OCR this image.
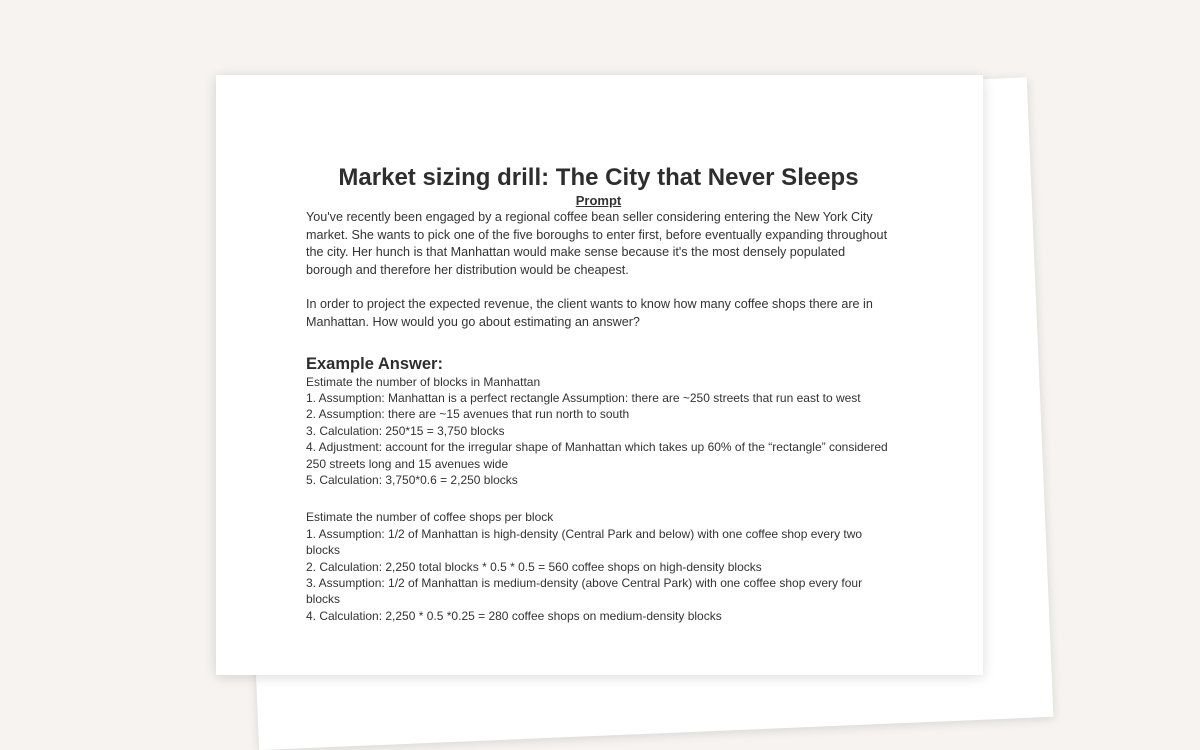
Market sizing drill: The City that Never Sleeps
Prompt

You've recently been engaged by a regional coffee bean seller considering entering the New York City market. She wants to pick one of the five boroughs to enter first, before eventually expanding throughout the city. Her hunch is that Manhattan would make sense because it's the most densely populated borough and therefore her distribution would be cheapest.

In order to project the expected revenue, the client wants to know how many coffee shops there are in Manhattan. How would you go about estimating an answer?

Example Answer:

Estimate the number of blocks in Manhattan

1. Assumption: Manhattan is a perfect rectangle Assumption: there are ~250 streets that run east to west

2. Assumption: there are ~15 avenues that run north to south

3. Calculation: 250*15 = 3,750 blocks

4. Adjustment: account for the irregular shape of Manhattan which takes up 60% of the “rectangle” considered 250 streets long and 15 avenues wide

5. Calculation: 3,750*0.6 = 2,250 blocks

Estimate the number of coffee shops per block

1. Assumption: 1/2 of Manhattan is high-density (Central Park and below) with one coffee shop every two blocks

2. Calculation: 2,250 total blocks * 0.5 * 0.5 = 560 coffee shops on high-density blocks

3. Assumption: 1/2 of Manhattan is medium-density (above Central Park) with one coffee shop every four blocks

4. Calculation: 2,250 * 0.5 *0.25 = 280 coffee shops on medium-density blocks
